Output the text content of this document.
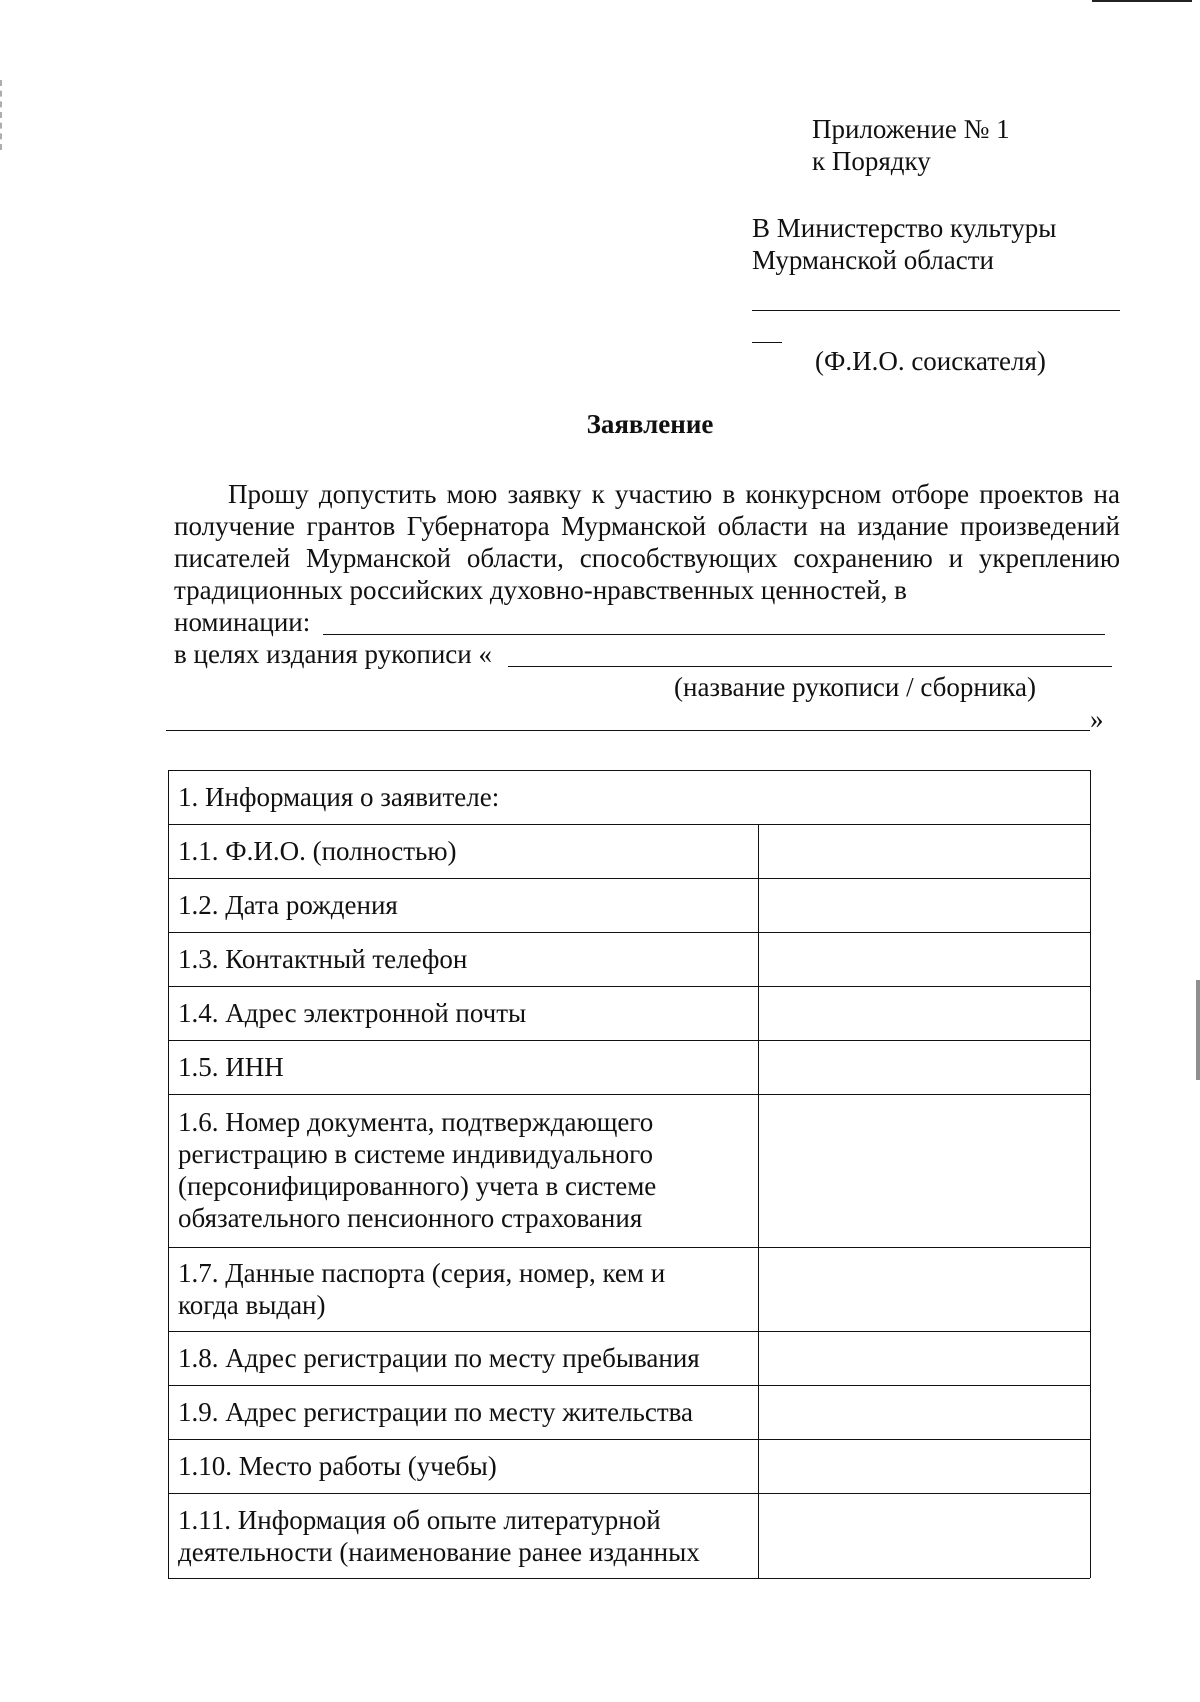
Приложение № 1
к Порядку
В Министерство культуры
Мурманской области
(Ф.И.О. соискателя)
Заявление
Прошу допустить мою заявку к участию в конкурсном отборе проектов на получение грантов Губернатора Мурманской области на издание произведений писателей Мурманской области, способствующих сохранению и укреплению традиционных российских духовно-нравственных ценностей, в
номинации:
в целях издания рукописи «
(название рукописи / сборника)
»
1. Информация о заявителе:
1.1. Ф.И.О. (полностью)
1.2. Дата рождения
1.3. Контактный телефон
1.4. Адрес электронной почты
1.5. ИНН
1.6. Номер документа, подтверждающего регистрацию в системе индивидуального (персонифицированного) учета в системе обязательного пенсионного страхования
1.7. Данные паспорта (серия, номер, кем и когда выдан)
1.8. Адрес регистрации по месту пребывания
1.9. Адрес регистрации по месту жительства
1.10. Место работы (учебы)
1.11. Информация об опыте литературной деятельности (наименование ранее изданных
